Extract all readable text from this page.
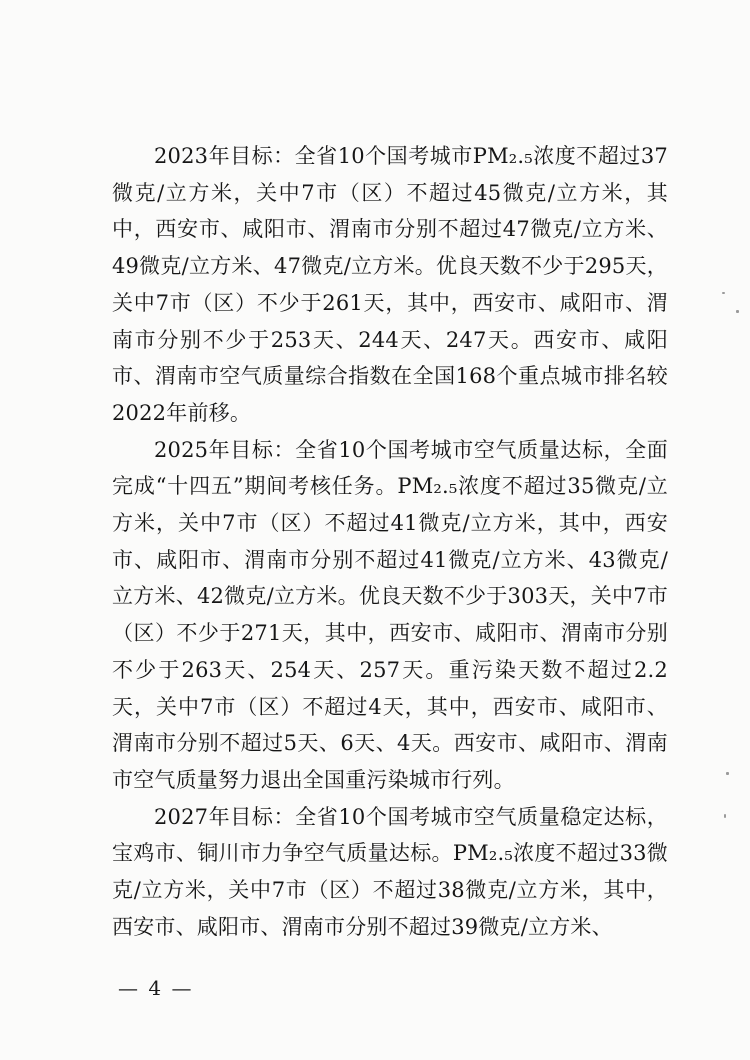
2023年目标：全省10个国考城市PM₂.₅浓度不超过37微克/立方米，关中7市（区）不超过45微克/立方米，其中，西安市、咸阳市、渭南市分别不超过47微克/立方米、49微克/立方米、47微克/立方米。优良天数不少于295天，关中7市（区）不少于261天，其中，西安市、咸阳市、渭南市分别不少于253天、244天、247天。西安市、咸阳市、渭南市空气质量综合指数在全国168个重点城市排名较2022年前移。

2025年目标：全省10个国考城市空气质量达标，全面完成“十四五”期间考核任务。PM₂.₅浓度不超过35微克/立方米，关中7市（区）不超过41微克/立方米，其中，西安市、咸阳市、渭南市分别不超过41微克/立方米、43微克/立方米、42微克/立方米。优良天数不少于303天，关中7市（区）不少于271天，其中，西安市、咸阳市、渭南市分别不少于263天、254天、257天。重污染天数不超过2.2天，关中7市（区）不超过4天，其中，西安市、咸阳市、渭南市分别不超过5天、6天、4天。西安市、咸阳市、渭南市空气质量努力退出全国重污染城市行列。

2027年目标：全省10个国考城市空气质量稳定达标，宝鸡市、铜川市力争空气质量达标。PM₂.₅浓度不超过33微克/立方米，关中7市（区）不超过38微克/立方米，其中，西安市、咸阳市、渭南市分别不超过39微克/立方米、

— 4 —
